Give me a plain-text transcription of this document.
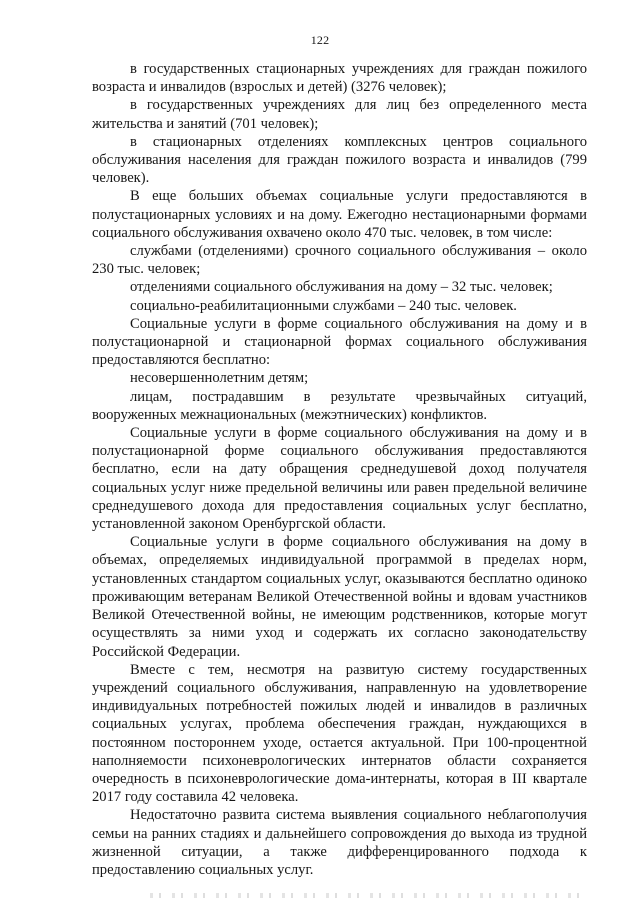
122

в государственных стационарных учреждениях для граждан пожилого возраста и инвалидов (взрослых и детей) (3276 человек);

в государственных учреждениях для лиц без определенного места жительства и занятий (701 человек);

в стационарных отделениях комплексных центров социального обслуживания населения для граждан пожилого возраста и инвалидов (799 человек).

В еще больших объемах социальные услуги предоставляются в полустационарных условиях и на дому. Ежегодно нестационарными формами социального обслуживания охвачено около 470 тыс. человек, в том числе:

службами (отделениями) срочного социального обслуживания – около 230 тыс. человек;

отделениями социального обслуживания на дому – 32 тыс. человек;

социально-реабилитационными службами – 240 тыс. человек.

Социальные услуги в форме социального обслуживания на дому и в полустационарной и стационарной формах социального обслуживания предоставляются бесплатно:

несовершеннолетним детям;

лицам, пострадавшим в результате чрезвычайных ситуаций, вооруженных межнациональных (межэтнических) конфликтов.

Социальные услуги в форме социального обслуживания на дому и в полустационарной форме социального обслуживания предоставляются бесплатно, если на дату обращения среднедушевой доход получателя социальных услуг ниже предельной величины или равен предельной величине среднедушевого дохода для предоставления социальных услуг бесплатно, установленной законом Оренбургской области.

Социальные услуги в форме социального обслуживания на дому в объемах, определяемых индивидуальной программой в пределах норм, установленных стандартом социальных услуг, оказываются бесплатно одиноко проживающим ветеранам Великой Отечественной войны и вдовам участников Великой Отечественной войны, не имеющим родственников, которые могут осуществлять за ними уход и содержать их согласно законодательству Российской Федерации.

Вместе с тем, несмотря на развитую систему государственных учреждений социального обслуживания, направленную на удовлетворение индивидуальных потребностей пожилых людей и инвалидов в различных социальных услугах, проблема обеспечения граждан, нуждающихся в постоянном постороннем уходе, остается актуальной. При 100-процентной наполняемости психоневрологических интернатов области сохраняется очередность в психоневрологические дома-интернаты, которая в III квартале 2017 году составила 42 человека.

Недостаточно развита система выявления социального неблагополучия семьи на ранних стадиях и дальнейшего сопровождения до выхода из трудной жизненной ситуации, а также дифференцированного подхода к предоставлению социальных услуг.
